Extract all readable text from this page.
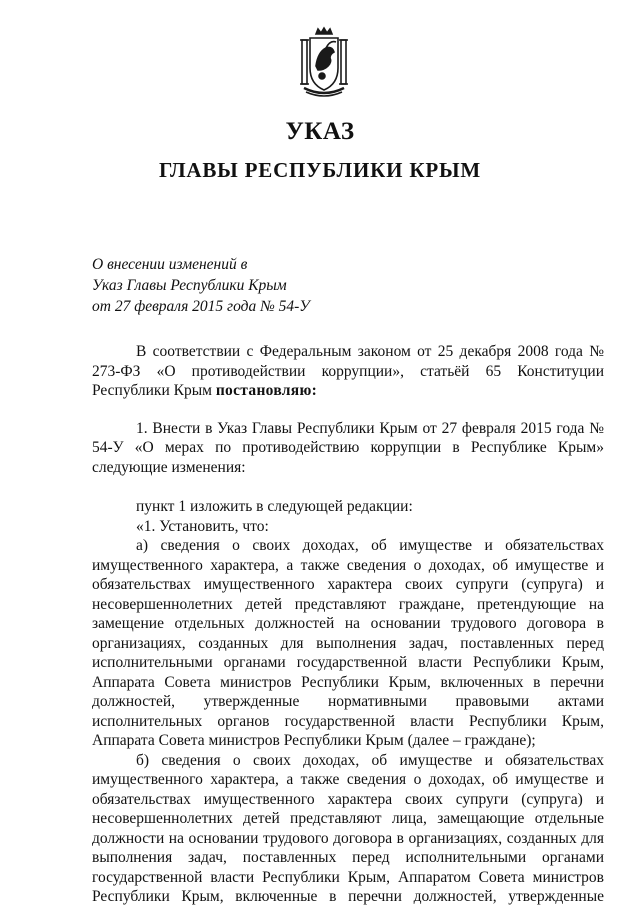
УКАЗ
ГЛАВЫ РЕСПУБЛИКИ КРЫМ
О внесении изменений в
Указ Главы Республики Крым
от 27 февраля 2015 года № 54-У

В соответствии с Федеральным законом от 25 декабря 2008 года № 273-ФЗ «О противодействии коррупции», статьёй 65 Конституции Республики Крым постановляю:

1. Внести в Указ Главы Республики Крым от 27 февраля 2015 года № 54-У «О мерах по противодействию коррупции в Республике Крым» следующие изменения:

пункт 1 изложить в следующей редакции:

«1. Установить, что:

а) сведения о своих доходах, об имуществе и обязательствах имущественного характера, а также сведения о доходах, об имуществе и обязательствах имущественного характера своих супруги (супруга) и несовершеннолетних детей представляют граждане, претендующие на замещение отдельных должностей на основании трудового договора в организациях, созданных для выполнения задач, поставленных перед исполнительными органами государственной власти Республики Крым, Аппарата Совета министров Республики Крым, включенных в перечни должностей, утвержденные нормативными правовыми актами исполнительных органов государственной власти Республики Крым, Аппарата Совета министров Республики Крым (далее – граждане);

б) сведения о своих доходах, об имуществе и обязательствах имущественного характера, а также сведения о доходах, об имуществе и обязательствах имущественного характера своих супруги (супруга) и несовершеннолетних детей представляют лица, замещающие отдельные должности на основании трудового договора в организациях, созданных для выполнения задач, поставленных перед исполнительными органами государственной власти Республики Крым, Аппаратом Совета министров Республики Крым, включенные в перечни должностей, утвержденные
